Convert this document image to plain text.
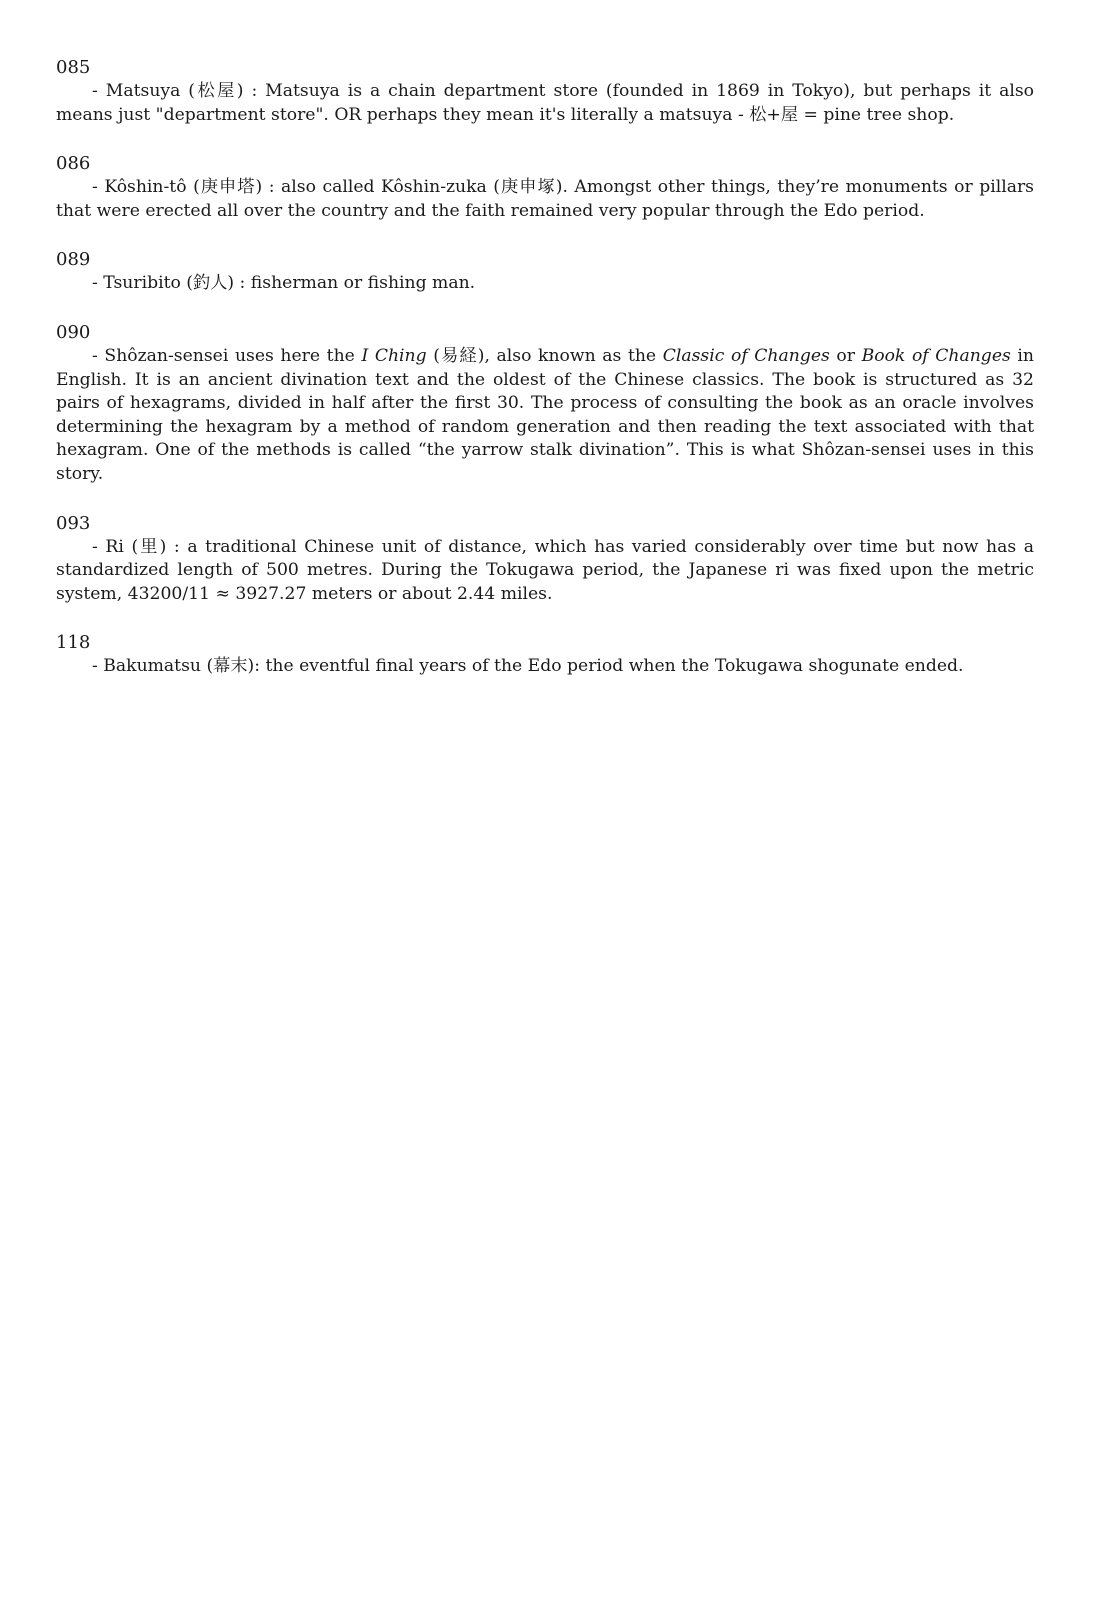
085

- Matsuya (松屋) : Matsuya is a chain department store (founded in 1869 in Tokyo), but perhaps it also means just "department store". OR perhaps they mean it's literally a matsuya - 松+屋 = pine tree shop.

086

- Kôshin-tô (庚申塔) : also called Kôshin-zuka (庚申塚). Amongst other things, they’re monuments or pillars that were erected all over the country and the faith remained very popular through the Edo period.

089

- Tsuribito (釣人) : fisherman or fishing man.

090

- Shôzan-sensei uses here the I Ching (易経), also known as the Classic of Changes or Book of Changes in English. It is an ancient divination text and the oldest of the Chinese classics. The book is structured as 32 pairs of hexagrams, divided in half after the first 30. The process of consulting the book as an oracle involves determining the hexagram by a method of random generation and then reading the text associated with that hexagram. One of the methods is called “the yarrow stalk divination”. This is what Shôzan-sensei uses in this story.

093

- Ri (里) : a traditional Chinese unit of distance, which has varied considerably over time but now has a standardized length of 500 metres. During the Tokugawa period, the Japanese ri was fixed upon the metric system, 43200/11 ≈ 3927.27 meters or about 2.44 miles.

118

- Bakumatsu (幕末): the eventful final years of the Edo period when the Tokugawa shogunate ended.
